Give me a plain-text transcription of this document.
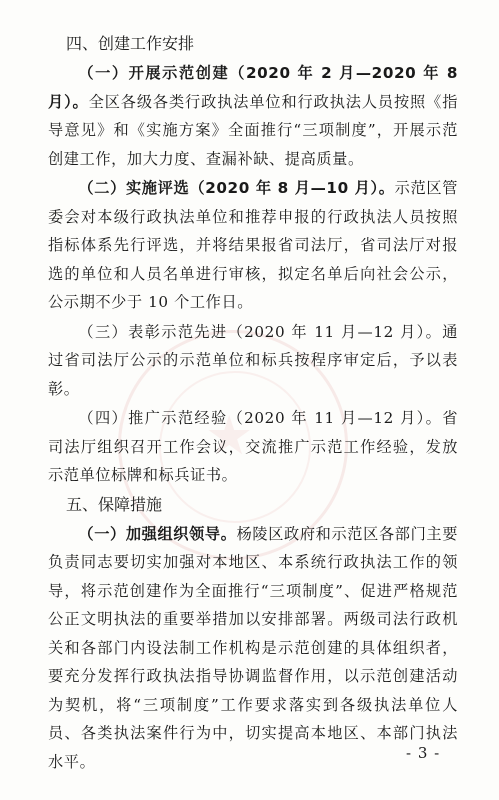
★

四、创建工作安排

（一）开展示范创建（2020 年 2 月—2020 年 8 月）。全区各级各类行政执法单位和行政执法人员按照《指导意见》和《实施方案》全面推行“三项制度”，开展示范创建工作，加大力度、查漏补缺、提高质量。

（二）实施评选（2020 年 8 月—10 月）。示范区管委会对本级行政执法单位和推荐申报的行政执法人员按照指标体系先行评选，并将结果报省司法厅，省司法厅对报选的单位和人员名单进行审核，拟定名单后向社会公示，公示期不少于 10 个工作日。

（三）表彰示范先进（2020 年 11 月—12 月）。通过省司法厅公示的示范单位和标兵按程序审定后，予以表彰。

（四）推广示范经验（2020 年 11 月—12 月）。省司法厅组织召开工作会议，交流推广示范工作经验，发放示范单位标牌和标兵证书。

五、保障措施

（一）加强组织领导。杨陵区政府和示范区各部门主要负责同志要切实加强对本地区、本系统行政执法工作的领导，将示范创建作为全面推行“三项制度”、促进严格规范公正文明执法的重要举措加以安排部署。两级司法行政机关和各部门内设法制工作机构是示范创建的具体组织者，要充分发挥行政执法指导协调监督作用，以示范创建活动为契机，将“三项制度”工作要求落实到各级执法单位人员、各类执法案件行为中，切实提高本地区、本部门执法水平。	- 3 -
